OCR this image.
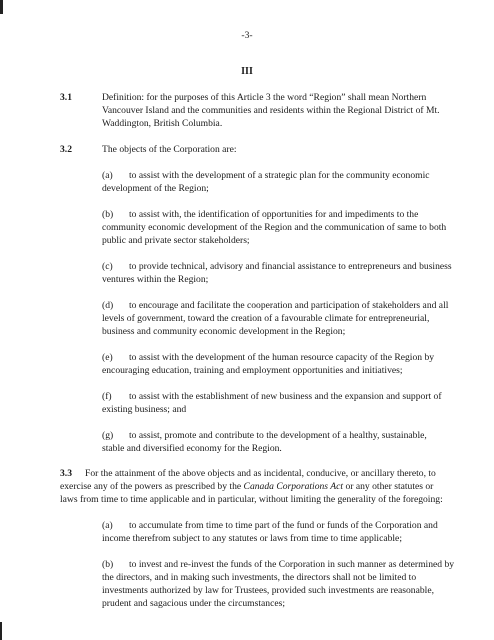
-3-
III
3.1	Definition: for the purposes of this Article 3 the word “Region” shall mean Northern
Vancouver Island and the communities and residents within the Regional District of Mt.
Waddington, British Columbia.
3.2	The objects of the Corporation are:
(a) to assist with the development of a strategic plan for the community economic
development of the Region;
(b) to assist with, the identification of opportunities for and impediments to the
community economic development of the Region and the communication of same to both
public and private sector stakeholders;
(c) to provide technical, advisory and financial assistance to entrepreneurs and business
ventures within the Region;
(d) to encourage and facilitate the cooperation and participation of stakeholders and all
levels of government, toward the creation of a favourable climate for entrepreneurial,
business and community economic development in the Region;
(e) to assist with the development of the human resource capacity of the Region by
encouraging education, training and employment opportunities and initiatives;
(f) to assist with the establishment of new business and the expansion and support of
existing business; and
(g) to assist, promote and contribute to the development of a healthy, sustainable,
stable and diversified economy for the Region.
3.3 For the attainment of the above objects and as incidental, conducive, or ancillary thereto, to
exercise any of the powers as prescribed by the Canada Corporations Act or any other statutes or
laws from time to time applicable and in particular, without limiting the generality of the foregoing:
(a) to accumulate from time to time part of the fund or funds of the Corporation and
income therefrom subject to any statutes or laws from time to time applicable;
(b) to invest and re-invest the funds of the Corporation in such manner as determined by
the directors, and in making such investments, the directors shall not be limited to
investments authorized by law for Trustees, provided such investments are reasonable,
prudent and sagacious under the circumstances;
